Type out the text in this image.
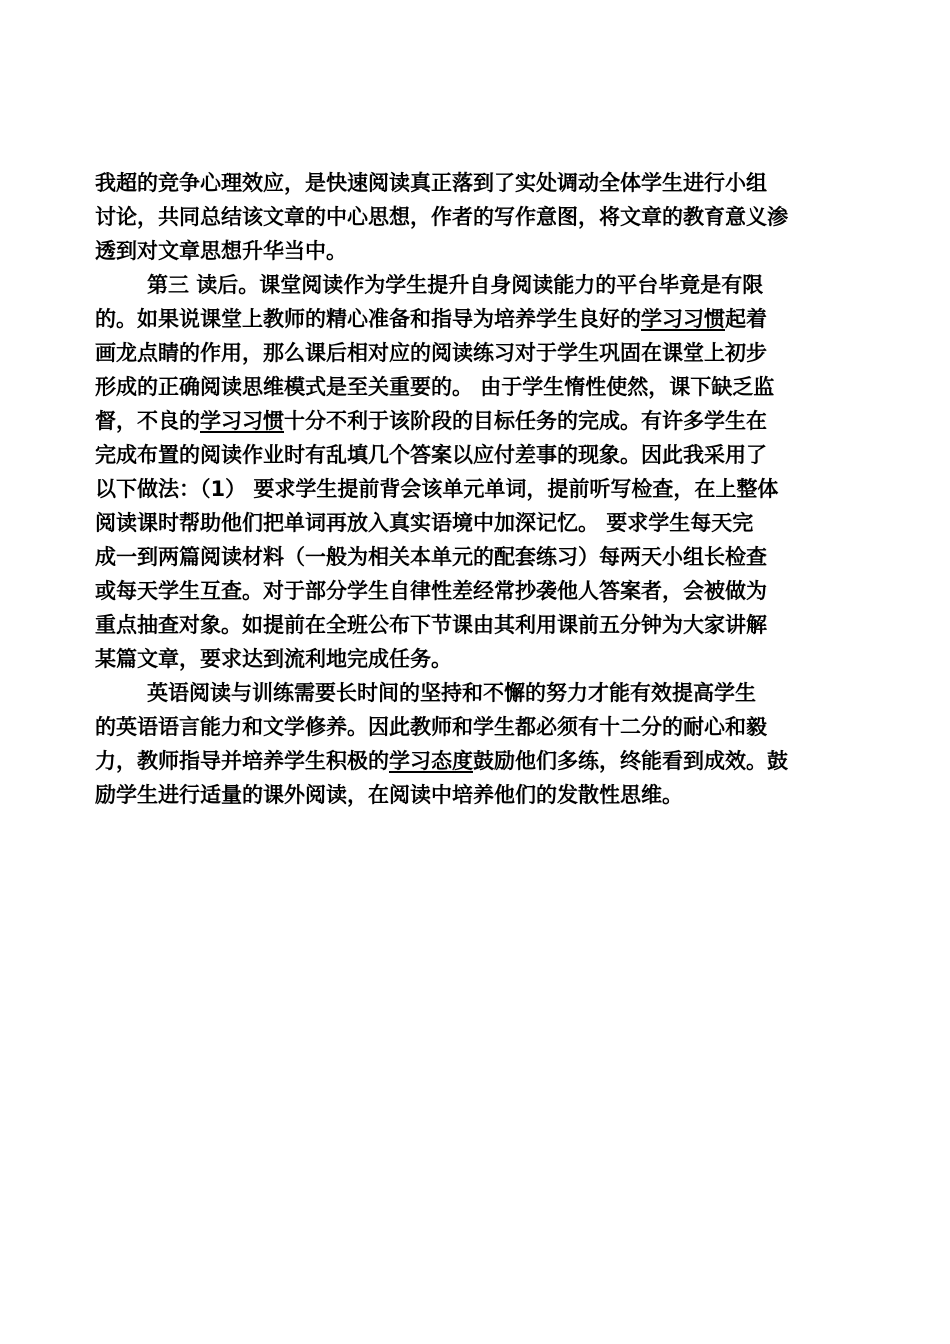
我超的竞争心理效应，是快速阅读真正落到了实处调动全体学生进行小组
讨论，共同总结该文章的中心思想，作者的写作意图，将文章的教育意义渗
透到对文章思想升华当中。
第三 读后。课堂阅读作为学生提升自身阅读能力的平台毕竟是有限
的。如果说课堂上教师的精心准备和指导为培养学生良好的学习习惯起着
画龙点睛的作用，那么课后相对应的阅读练习对于学生巩固在课堂上初步
形成的正确阅读思维模式是至关重要的。 由于学生惰性使然，课下缺乏监
督，不良的学习习惯十分不利于该阶段的目标任务的完成。有许多学生在
完成布置的阅读作业时有乱填几个答案以应付差事的现象。因此我采用了
以下做法：（1） 要求学生提前背会该单元单词，提前听写检查，在上整体
阅读课时帮助他们把单词再放入真实语境中加深记忆。 要求学生每天完
成一到两篇阅读材料（一般为相关本单元的配套练习）每两天小组长检查
或每天学生互查。对于部分学生自律性差经常抄袭他人答案者，会被做为
重点抽查对象。如提前在全班公布下节课由其利用课前五分钟为大家讲解
某篇文章，要求达到流利地完成任务。
英语阅读与训练需要长时间的坚持和不懈的努力才能有效提高学生
的英语语言能力和文学修养。因此教师和学生都必须有十二分的耐心和毅
力，教师指导并培养学生积极的学习态度鼓励他们多练，终能看到成效。鼓
励学生进行适量的课外阅读，在阅读中培养他们的发散性思维。
